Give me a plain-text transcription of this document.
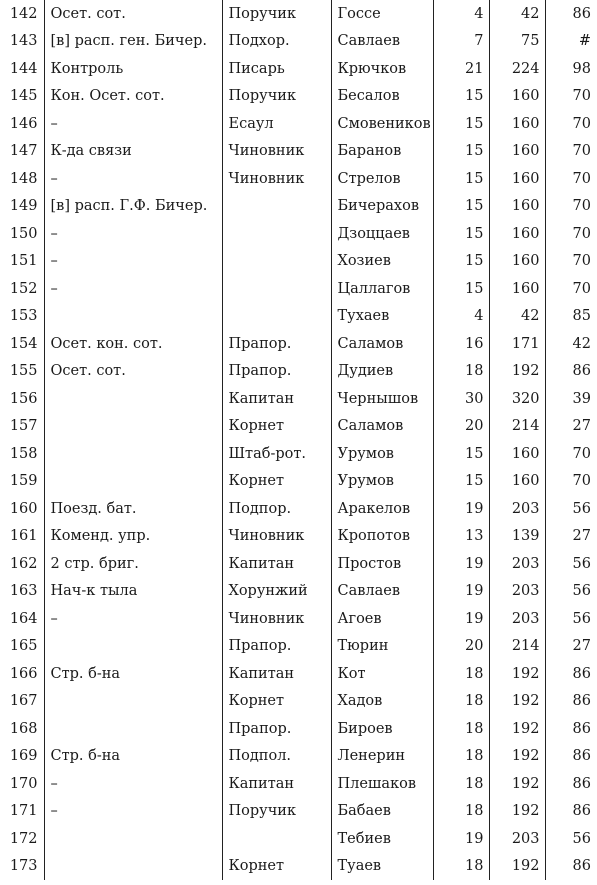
142	Осет. сот.	Поручик	Госсе	4	42	86
143	[в] расп. ген. Бичер.	Подхор.	Савлаев	7	75	#
144	Контроль	Писарь	Крючков	21	224	98
145	Кон. Осет. сот.	Поручик	Бесалов	15	160	70
146	–	Есаул	Смовеников	15	160	70
147	К-да связи	Чиновник	Баранов	15	160	70
148	–	Чиновник	Стрелов	15	160	70
149	[в] расп. Г.Ф. Бичер.		Бичерахов	15	160	70
150	–		Дзоццаев	15	160	70
151	–		Хозиев	15	160	70
152	–		Цаллагов	15	160	70
153			Тухаев	4	42	85
154	Осет. кон. сот.	Прапор.	Саламов	16	171	42
155	Осет. сот.	Прапор.	Дудиев	18	192	86
156		Капитан	Чернышов	30	320	39
157		Корнет	Саламов	20	214	27
158		Штаб-рот.	Урумов	15	160	70
159		Корнет	Урумов	15	160	70
160	Поезд. бат.	Подпор.	Аракелов	19	203	56
161	Коменд. упр.	Чиновник	Кропотов	13	139	27
162	2 стр. бриг.	Капитан	Простов	19	203	56
163	Нач-к тыла	Хорунжий	Савлаев	19	203	56
164	–	Чиновник	Агоев	19	203	56
165		Прапор.	Тюрин	20	214	27
166	Стр. б-на	Капитан	Кот	18	192	86
167		Корнет	Хадов	18	192	86
168		Прапор.	Бироев	18	192	86
169	Стр. б-на	Подпол.	Ленерин	18	192	86
170	–	Капитан	Плешаков	18	192	86
171	–	Поручик	Бабаев	18	192	86
172			Тебиев	19	203	56
173		Корнет	Туаев	18	192	86
